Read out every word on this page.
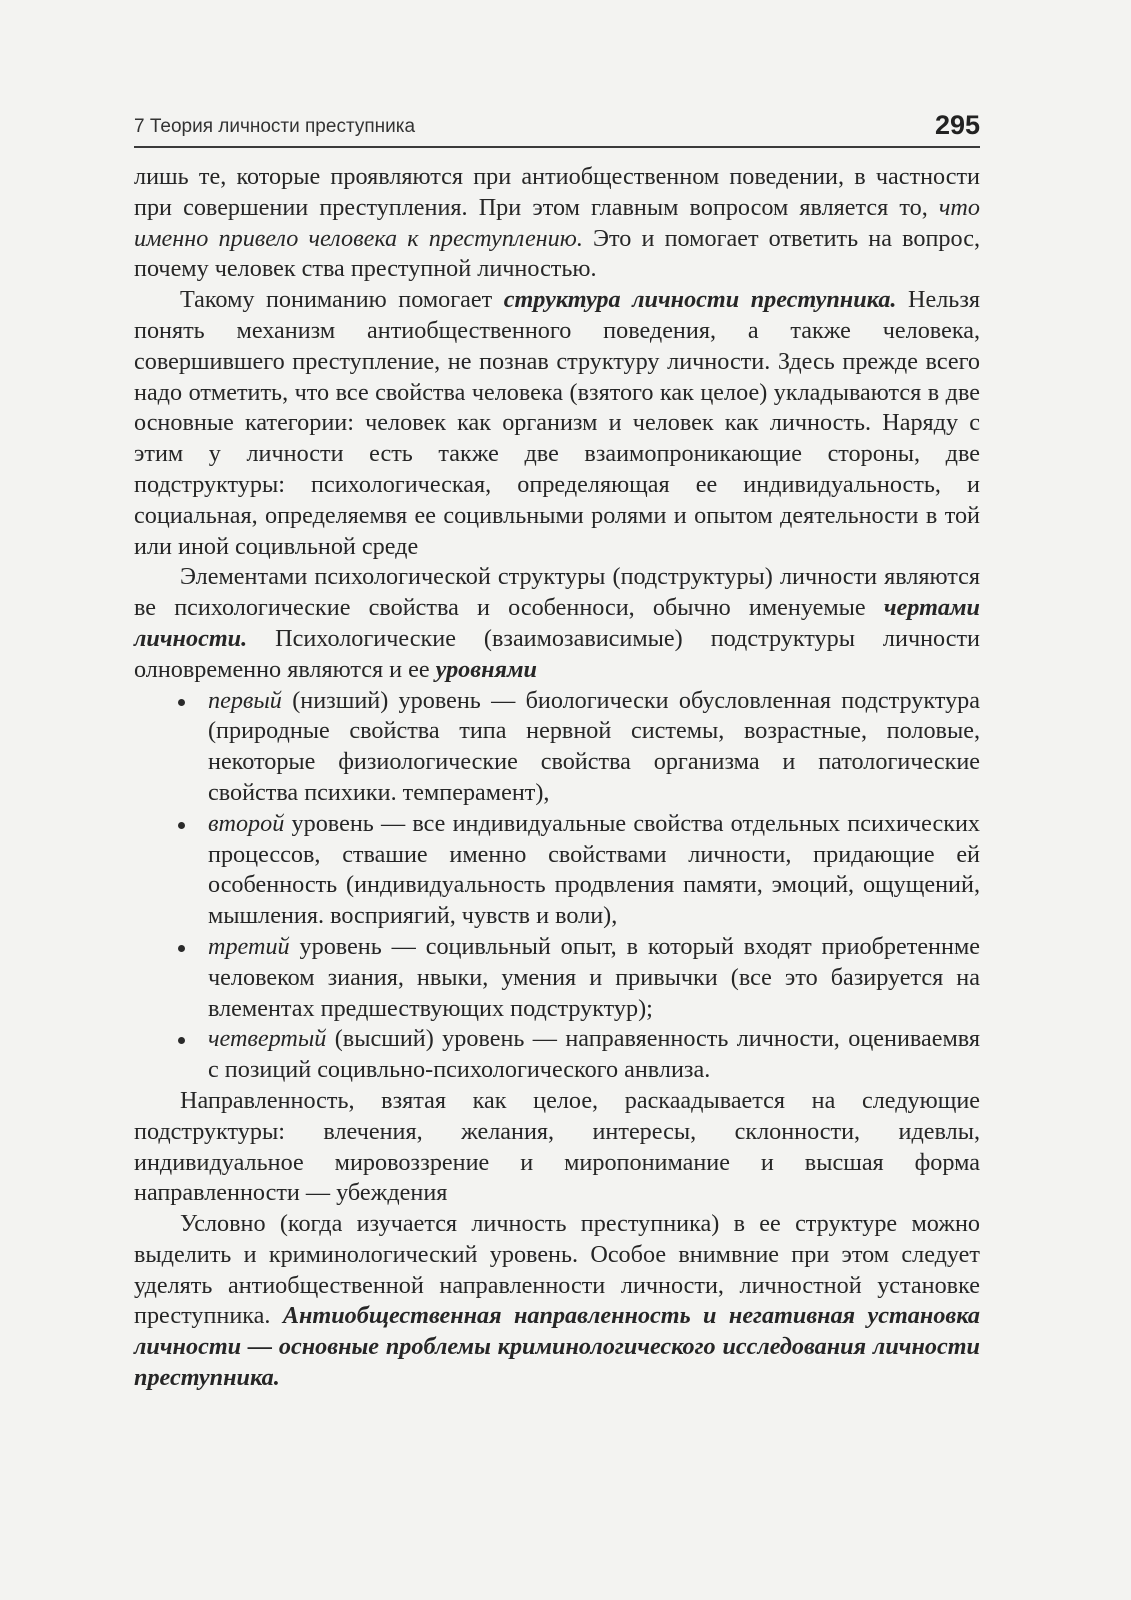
7 Теория личности преступника	295

лишь те, которые проявляются при антиобщественном поведении, в частности при совершении преступления. При этом главным вопросом является то, что именно привело человека к преступлению. Это и помогает ответить на вопрос, почему человек ства преступной личностью.

Такому пониманию помогает структура личности преступника. Нельзя понять механизм антиобщественного поведения, а также человека, совершившего преступление, не познав структуру личности. Здесь прежде всего надо отметить, что все свойства человека (взятого как целое) укладываются в две основные категории: человек как организм и человек как личность. Наряду с этим у личности есть также две взаимопроникающие стороны, две подструктуры: психологическая, определяющая ее индивидуальность, и социальная, определяемвя ее социвльными ролями и опытом деятельности в той или иной социвльной среде

Элементами психологической структуры (подструктуры) личности являются ве психологические свойства и особенноси, обычно именуемые чертами личности. Психологические (взаимозависимые) подструктуры личности олновременно являются и ее уровнями

первый (низший) уровень — биологически обусловленная подструктура (природные свойства типа нервной системы, возрастные, половые, некоторые физиологические свойства организма и патологические свойства психики. темперамент),
второй уровень — все индивидуальные свойства отдельных психических процессов, ствашие именно свойствами личности, придающие ей особенность (индивидуальность продвления памяти, эмоций, ощущений, мышления. восприягий, чувств и воли),
третий уровень — социвльный опыт, в который входят приобретеннме человеком зиания, нвыки, умения и привычки (все это базируется на влементах предшествующих подструктур);
четвертый (высший) уровень — направяенность личности, оцениваемвя с позиций социвльно-психологического анвлиза.

Направленность, взятая как целое, раскаадывается на следующие подструктуры: влечения, желания, интересы, склонности, идевлы, индивидуальное мировоззрение и миропонимание и высшая форма направленности — убеждения

Условно (когда изучается личность преступника) в ее структуре можно выделить и криминологический уровень. Особое внимвние при этом следует уделять антиобщественной направленности личности, личностной установке преступника. Антиобщественная направленность и негативная установка личности — основные проблемы криминологического исследования личности преступника.
